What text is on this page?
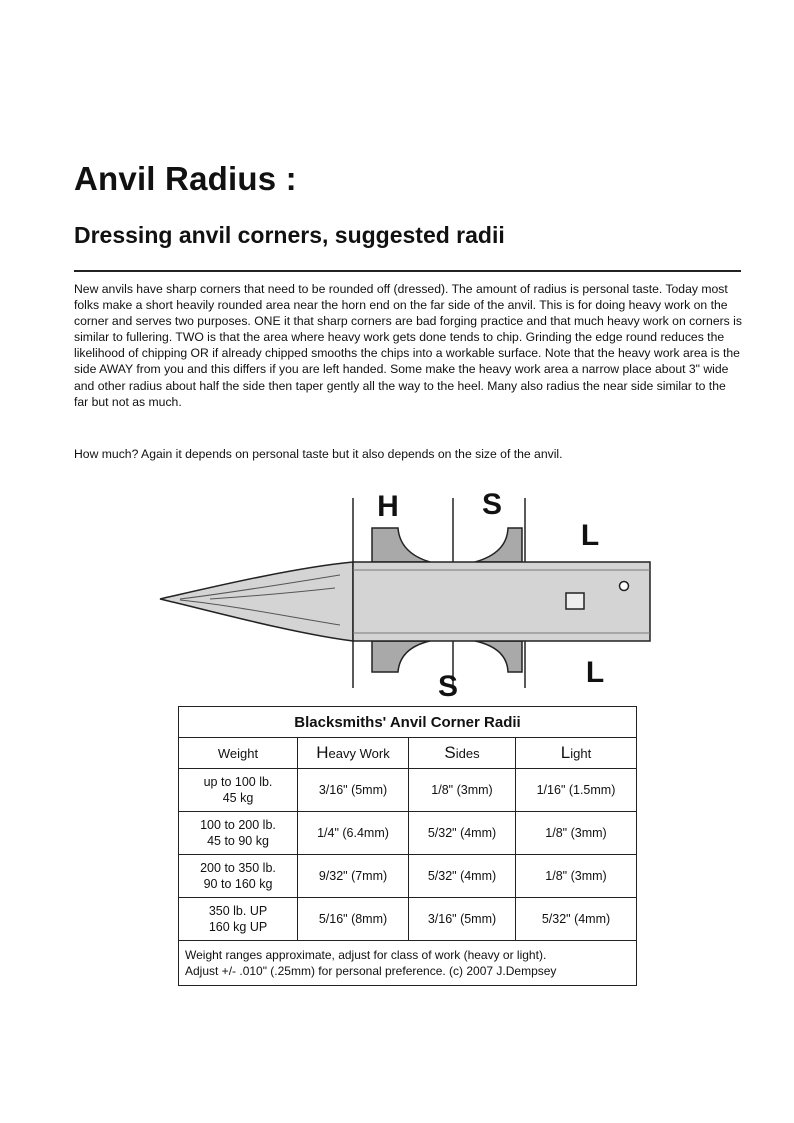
Anvil Radius :
Dressing anvil corners, suggested radii

New anvils have sharp corners that need to be rounded off (dressed). The amount of radius is personal taste. Today most folks make a short heavily rounded area near the horn end on the far side of the anvil. This is for doing heavy work on the corner and serves two purposes. ONE it that sharp corners are bad forging practice and that much heavy work on corners is similar to fullering. TWO is that the area where heavy work gets done tends to chip. Grinding the edge round reduces the likelihood of chipping OR if already chipped smooths the chips into a workable surface. Note that the heavy work area is the side AWAY from you and this differs if you are left handed. Some make the heavy work area a narrow place about 3" wide and other radius about half the side then taper gently all the way to the heel. Many also radius the near side similar to the far but not as much.

How much? Again it depends on personal taste but it also depends on the size of the anvil.

H	S
L
S	L
Blacksmiths' Anvil Corner Radii			
Weight	Heavy Work	Sides	Light
up to 100 lb.
45 kg	3/16" (5mm)	1/8" (3mm)	1/16" (1.5mm)
100 to 200 lb.
45 to 90 kg	1/4" (6.4mm)	5/32" (4mm)	1/8" (3mm)
200 to 350 lb.
90 to 160 kg	9/32" (7mm)	5/32" (4mm)	1/8" (3mm)
350 lb. UP
160 kg UP	5/16" (8mm)	3/16" (5mm)	5/32" (4mm)
Weight ranges approximate, adjust for class of work (heavy or light).
Adjust +/- .010" (.25mm) for personal preference. (c) 2007 J.Dempsey			
